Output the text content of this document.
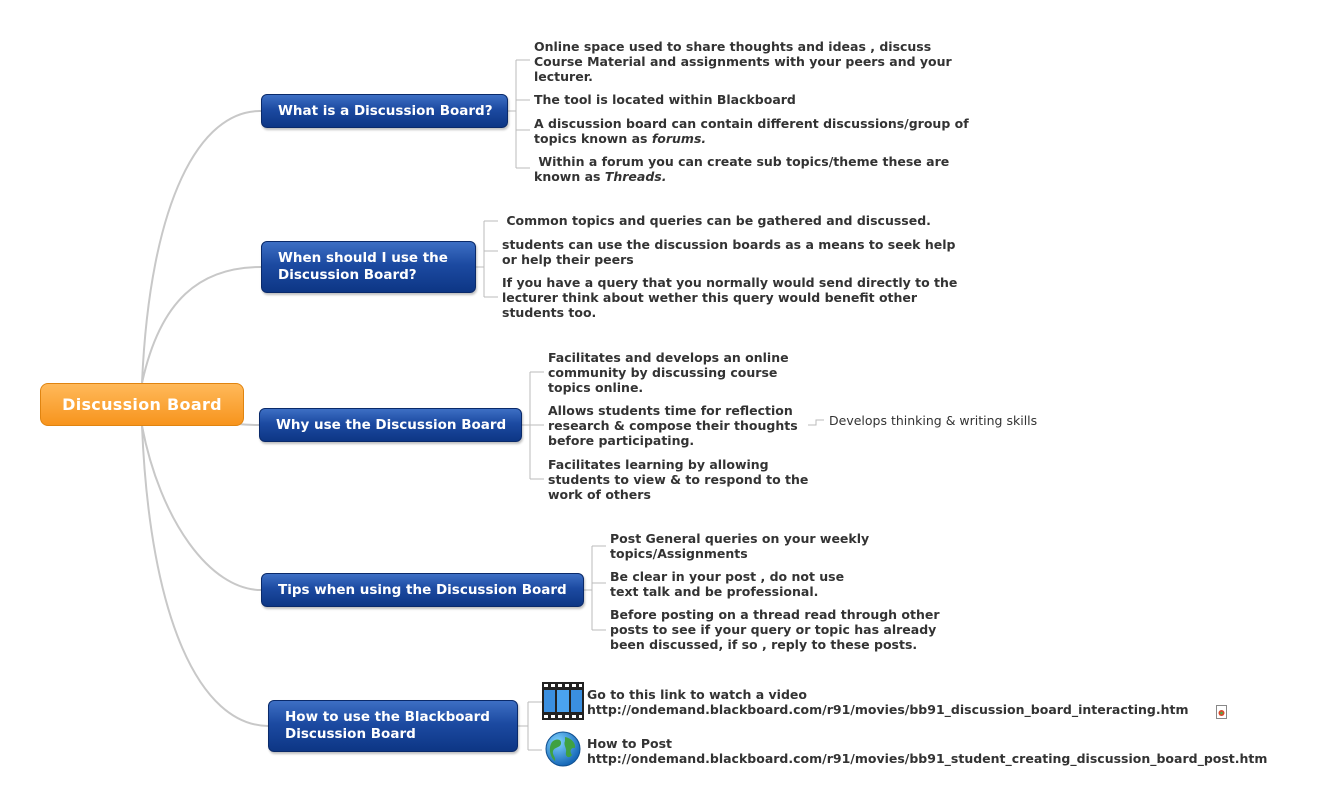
Discussion Board
What is a Discussion Board?
Online space used to share thoughts and ideas , discuss
Course Material and assignments with your peers and your
lecturer.
The tool is located within Blackboard
A discussion board can contain different discussions/group of
topics known as forums.
Within a forum you can create sub topics/theme these are
known as Threads.
When should I use the
Discussion Board?
Common topics and queries can be gathered and discussed.
students can use the discussion boards as a means to seek help
or help their peers
If you have a query that you normally would send directly to the
lecturer think about wether this query would benefit other
students too.
Why use the Discussion Board
Facilitates and develops an online
community by discussing course
topics online.
Allows students time for reflection
research & compose their thoughts
before participating.
Develops thinking & writing skills
Facilitates learning by allowing
students to view & to respond to the
work of others
Tips when using the Discussion Board
Post General queries on your weekly
topics/Assignments
Be clear in your post , do not use
text talk and be professional.
Before posting on a thread read through other
posts to see if your query or topic has already
been discussed, if so , reply to these posts.
How to use the Blackboard
Discussion Board
Go to this link to watch a video
http://ondemand.blackboard.com/r91/movies/bb91_discussion_board_interacting.htm
How to Post
http://ondemand.blackboard.com/r91/movies/bb91_student_creating_discussion_board_post.htm
